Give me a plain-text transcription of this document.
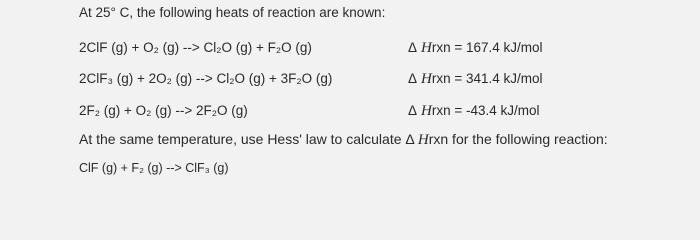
At 25° C, the following heats of reaction are known:
2ClF (g) + O₂ (g) --> Cl₂O (g) + F₂O (g)	Δ Hrxn = 167.4 kJ/mol
2ClF₃ (g) + 2O₂ (g) --> Cl₂O (g) + 3F₂O (g)	Δ Hrxn = 341.4 kJ/mol
2F₂ (g) + O₂ (g) --> 2F₂O (g)	Δ Hrxn = -43.4 kJ/mol
At the same temperature, use Hess' law to calculate Δ Hrxn for the following reaction:
ClF (g) + F₂ (g) --> ClF₃ (g)
